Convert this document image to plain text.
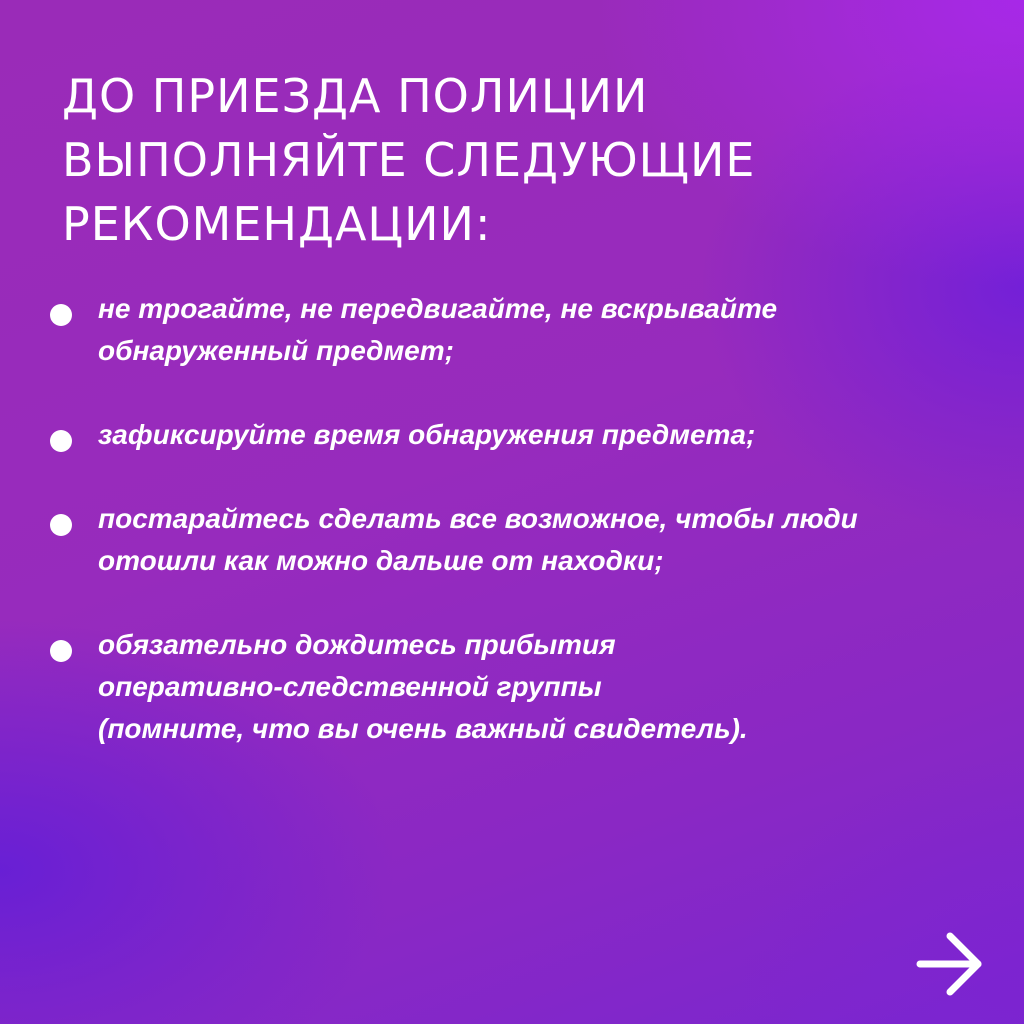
ДО ПРИЕЗДА ПОЛИЦИИ
ВЫПОЛНЯЙТЕ СЛЕДУЮЩИЕ
РЕКОМЕНДАЦИИ:
не трогайте, не передвигайте, не вскрывайте
обнаруженный предмет;
зафиксируйте время обнаружения предмета;
постарайтесь сделать все возможное, чтобы люди
отошли как можно дальше от находки;
обязательно дождитесь прибытия
оперативно-следственной группы
(помните, что вы очень важный свидетель).
